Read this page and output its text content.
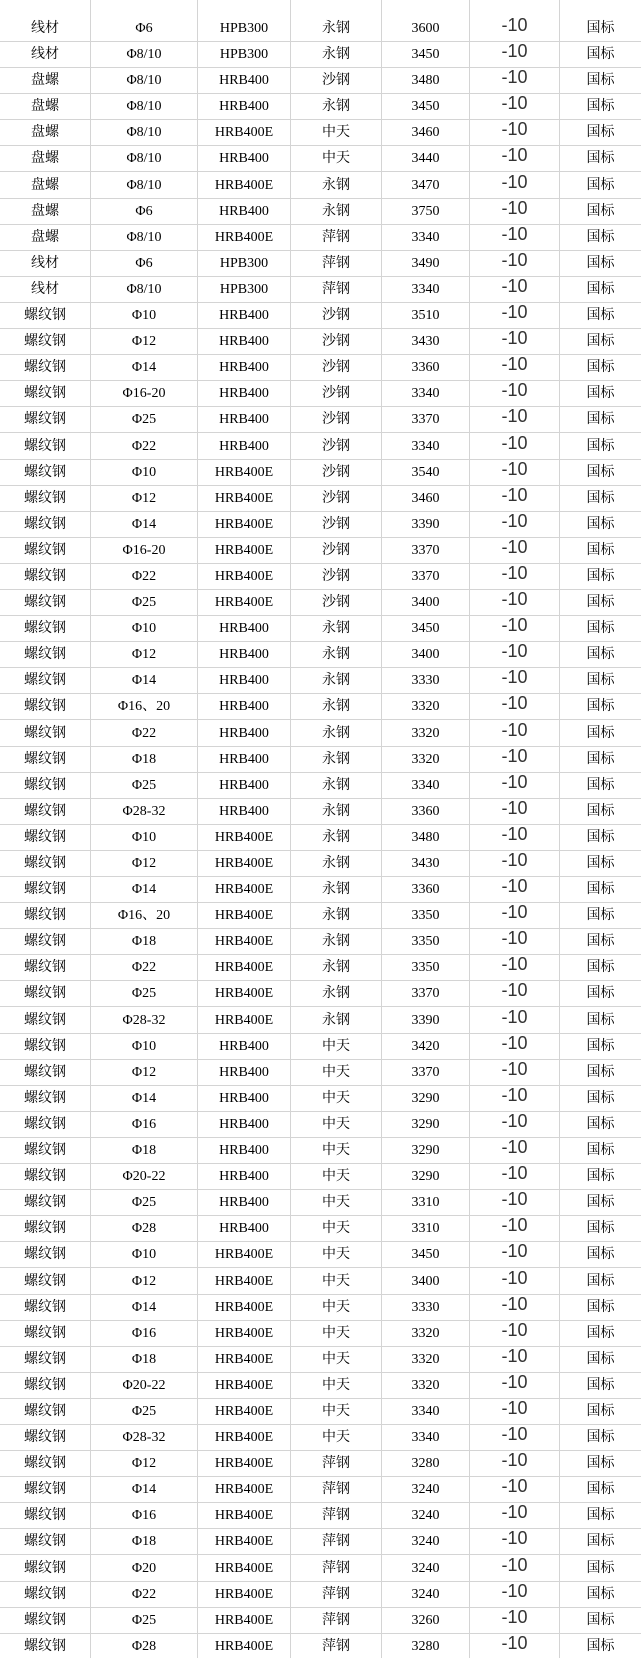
线材	Φ6	HPB300	永钢	3600	-10	国标
线材	Φ8/10	HPB300	永钢	3450	-10	国标
盘螺	Φ8/10	HRB400	沙钢	3480	-10	国标
盘螺	Φ8/10	HRB400	永钢	3450	-10	国标
盘螺	Φ8/10	HRB400E	中天	3460	-10	国标
盘螺	Φ8/10	HRB400	中天	3440	-10	国标
盘螺	Φ8/10	HRB400E	永钢	3470	-10	国标
盘螺	Φ6	HRB400	永钢	3750	-10	国标
盘螺	Φ8/10	HRB400E	萍钢	3340	-10	国标
线材	Φ6	HPB300	萍钢	3490	-10	国标
线材	Φ8/10	HPB300	萍钢	3340	-10	国标
螺纹钢	Φ10	HRB400	沙钢	3510	-10	国标
螺纹钢	Φ12	HRB400	沙钢	3430	-10	国标
螺纹钢	Φ14	HRB400	沙钢	3360	-10	国标
螺纹钢	Φ16-20	HRB400	沙钢	3340	-10	国标
螺纹钢	Φ25	HRB400	沙钢	3370	-10	国标
螺纹钢	Φ22	HRB400	沙钢	3340	-10	国标
螺纹钢	Φ10	HRB400E	沙钢	3540	-10	国标
螺纹钢	Φ12	HRB400E	沙钢	3460	-10	国标
螺纹钢	Φ14	HRB400E	沙钢	3390	-10	国标
螺纹钢	Φ16-20	HRB400E	沙钢	3370	-10	国标
螺纹钢	Φ22	HRB400E	沙钢	3370	-10	国标
螺纹钢	Φ25	HRB400E	沙钢	3400	-10	国标
螺纹钢	Φ10	HRB400	永钢	3450	-10	国标
螺纹钢	Φ12	HRB400	永钢	3400	-10	国标
螺纹钢	Φ14	HRB400	永钢	3330	-10	国标
螺纹钢	Φ16、20	HRB400	永钢	3320	-10	国标
螺纹钢	Φ22	HRB400	永钢	3320	-10	国标
螺纹钢	Φ18	HRB400	永钢	3320	-10	国标
螺纹钢	Φ25	HRB400	永钢	3340	-10	国标
螺纹钢	Φ28-32	HRB400	永钢	3360	-10	国标
螺纹钢	Φ10	HRB400E	永钢	3480	-10	国标
螺纹钢	Φ12	HRB400E	永钢	3430	-10	国标
螺纹钢	Φ14	HRB400E	永钢	3360	-10	国标
螺纹钢	Φ16、20	HRB400E	永钢	3350	-10	国标
螺纹钢	Φ18	HRB400E	永钢	3350	-10	国标
螺纹钢	Φ22	HRB400E	永钢	3350	-10	国标
螺纹钢	Φ25	HRB400E	永钢	3370	-10	国标
螺纹钢	Φ28-32	HRB400E	永钢	3390	-10	国标
螺纹钢	Φ10	HRB400	中天	3420	-10	国标
螺纹钢	Φ12	HRB400	中天	3370	-10	国标
螺纹钢	Φ14	HRB400	中天	3290	-10	国标
螺纹钢	Φ16	HRB400	中天	3290	-10	国标
螺纹钢	Φ18	HRB400	中天	3290	-10	国标
螺纹钢	Φ20-22	HRB400	中天	3290	-10	国标
螺纹钢	Φ25	HRB400	中天	3310	-10	国标
螺纹钢	Φ28	HRB400	中天	3310	-10	国标
螺纹钢	Φ10	HRB400E	中天	3450	-10	国标
螺纹钢	Φ12	HRB400E	中天	3400	-10	国标
螺纹钢	Φ14	HRB400E	中天	3330	-10	国标
螺纹钢	Φ16	HRB400E	中天	3320	-10	国标
螺纹钢	Φ18	HRB400E	中天	3320	-10	国标
螺纹钢	Φ20-22	HRB400E	中天	3320	-10	国标
螺纹钢	Φ25	HRB400E	中天	3340	-10	国标
螺纹钢	Φ28-32	HRB400E	中天	3340	-10	国标
螺纹钢	Φ12	HRB400E	萍钢	3280	-10	国标
螺纹钢	Φ14	HRB400E	萍钢	3240	-10	国标
螺纹钢	Φ16	HRB400E	萍钢	3240	-10	国标
螺纹钢	Φ18	HRB400E	萍钢	3240	-10	国标
螺纹钢	Φ20	HRB400E	萍钢	3240	-10	国标
螺纹钢	Φ22	HRB400E	萍钢	3240	-10	国标
螺纹钢	Φ25	HRB400E	萍钢	3260	-10	国标
螺纹钢	Φ28	HRB400E	萍钢	3280	-10	国标
